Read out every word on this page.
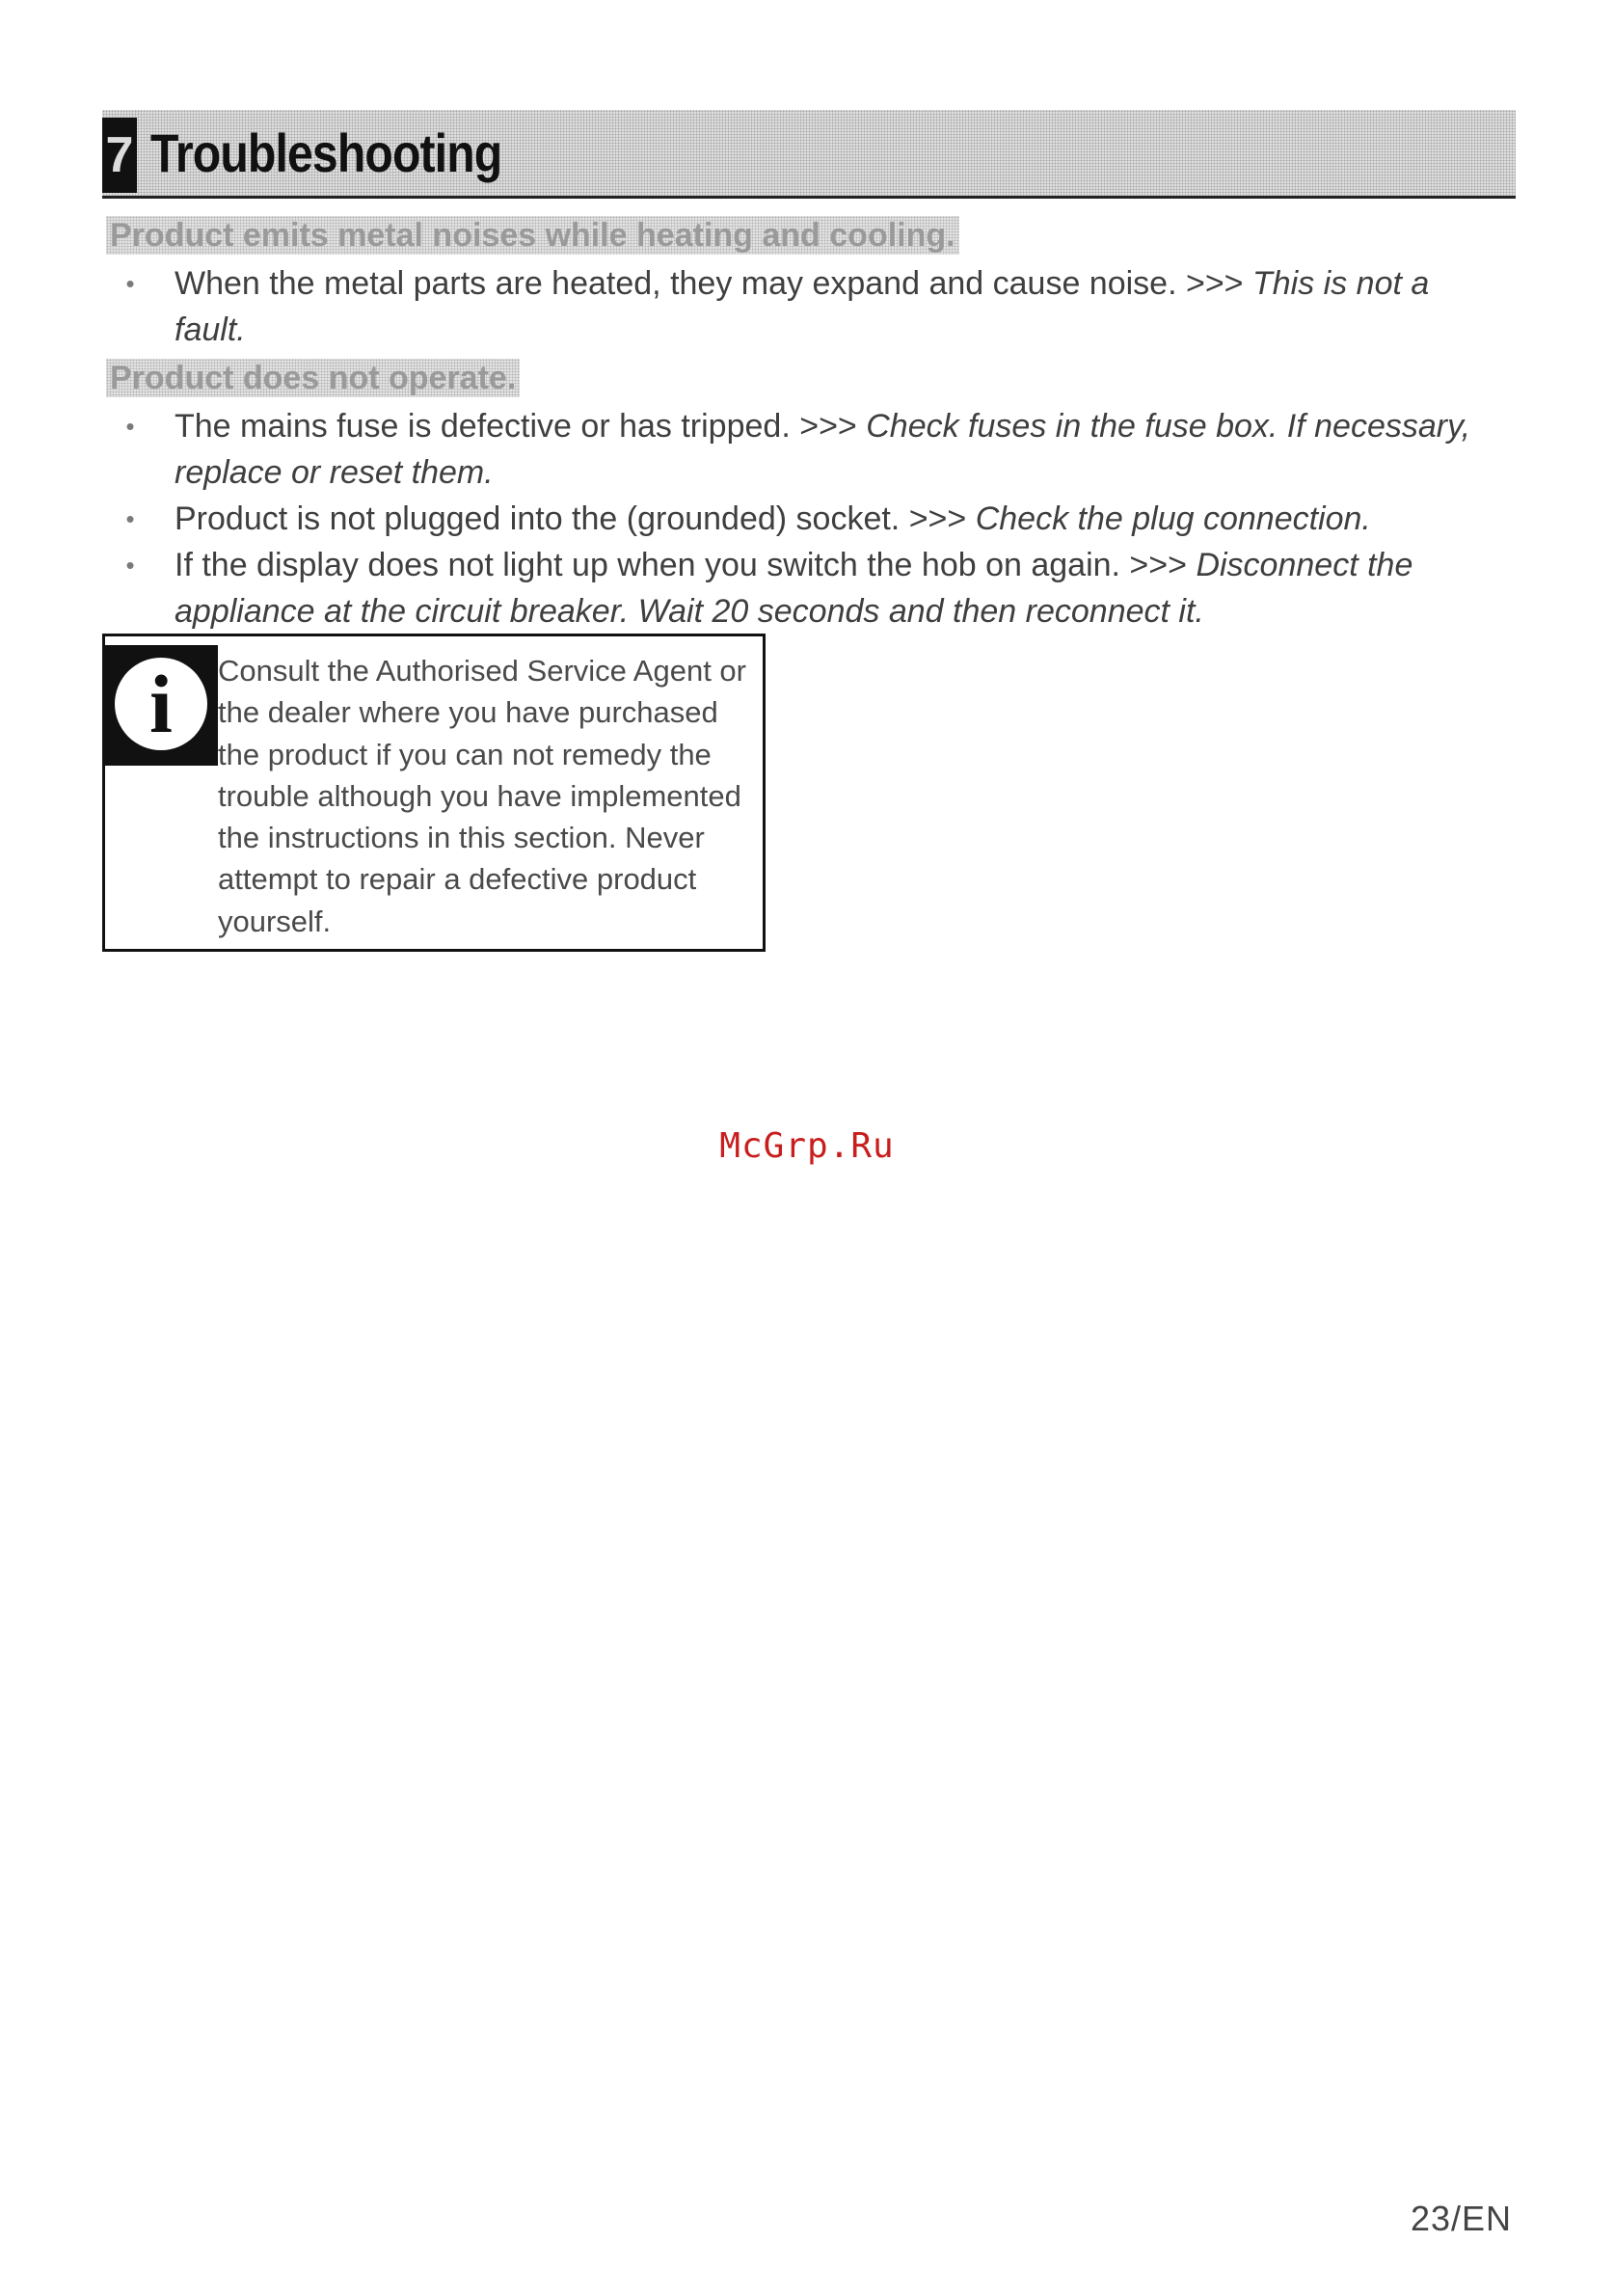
7 Troubleshooting
Product emits metal noises while heating and cooling.
•	When the metal parts are heated, they may expand and cause noise. >>> This is not a fault.
Product does not operate.
•	The mains fuse is defective or has tripped. >>> Check fuses in the fuse box. If necessary, replace or reset them.
•	Product is not plugged into the (grounded) socket. >>> Check the plug connection.
•	If the display does not light up when you switch the hob on again. >>> Disconnect the appliance at the circuit breaker. Wait 20 seconds and then reconnect it.
i	Consult the Authorised Service Agent or the dealer where you have purchased the product if you can not remedy the trouble although you have implemented the instructions in this section. Never attempt to repair a defective product yourself.
McGrp.Ru
23/EN
